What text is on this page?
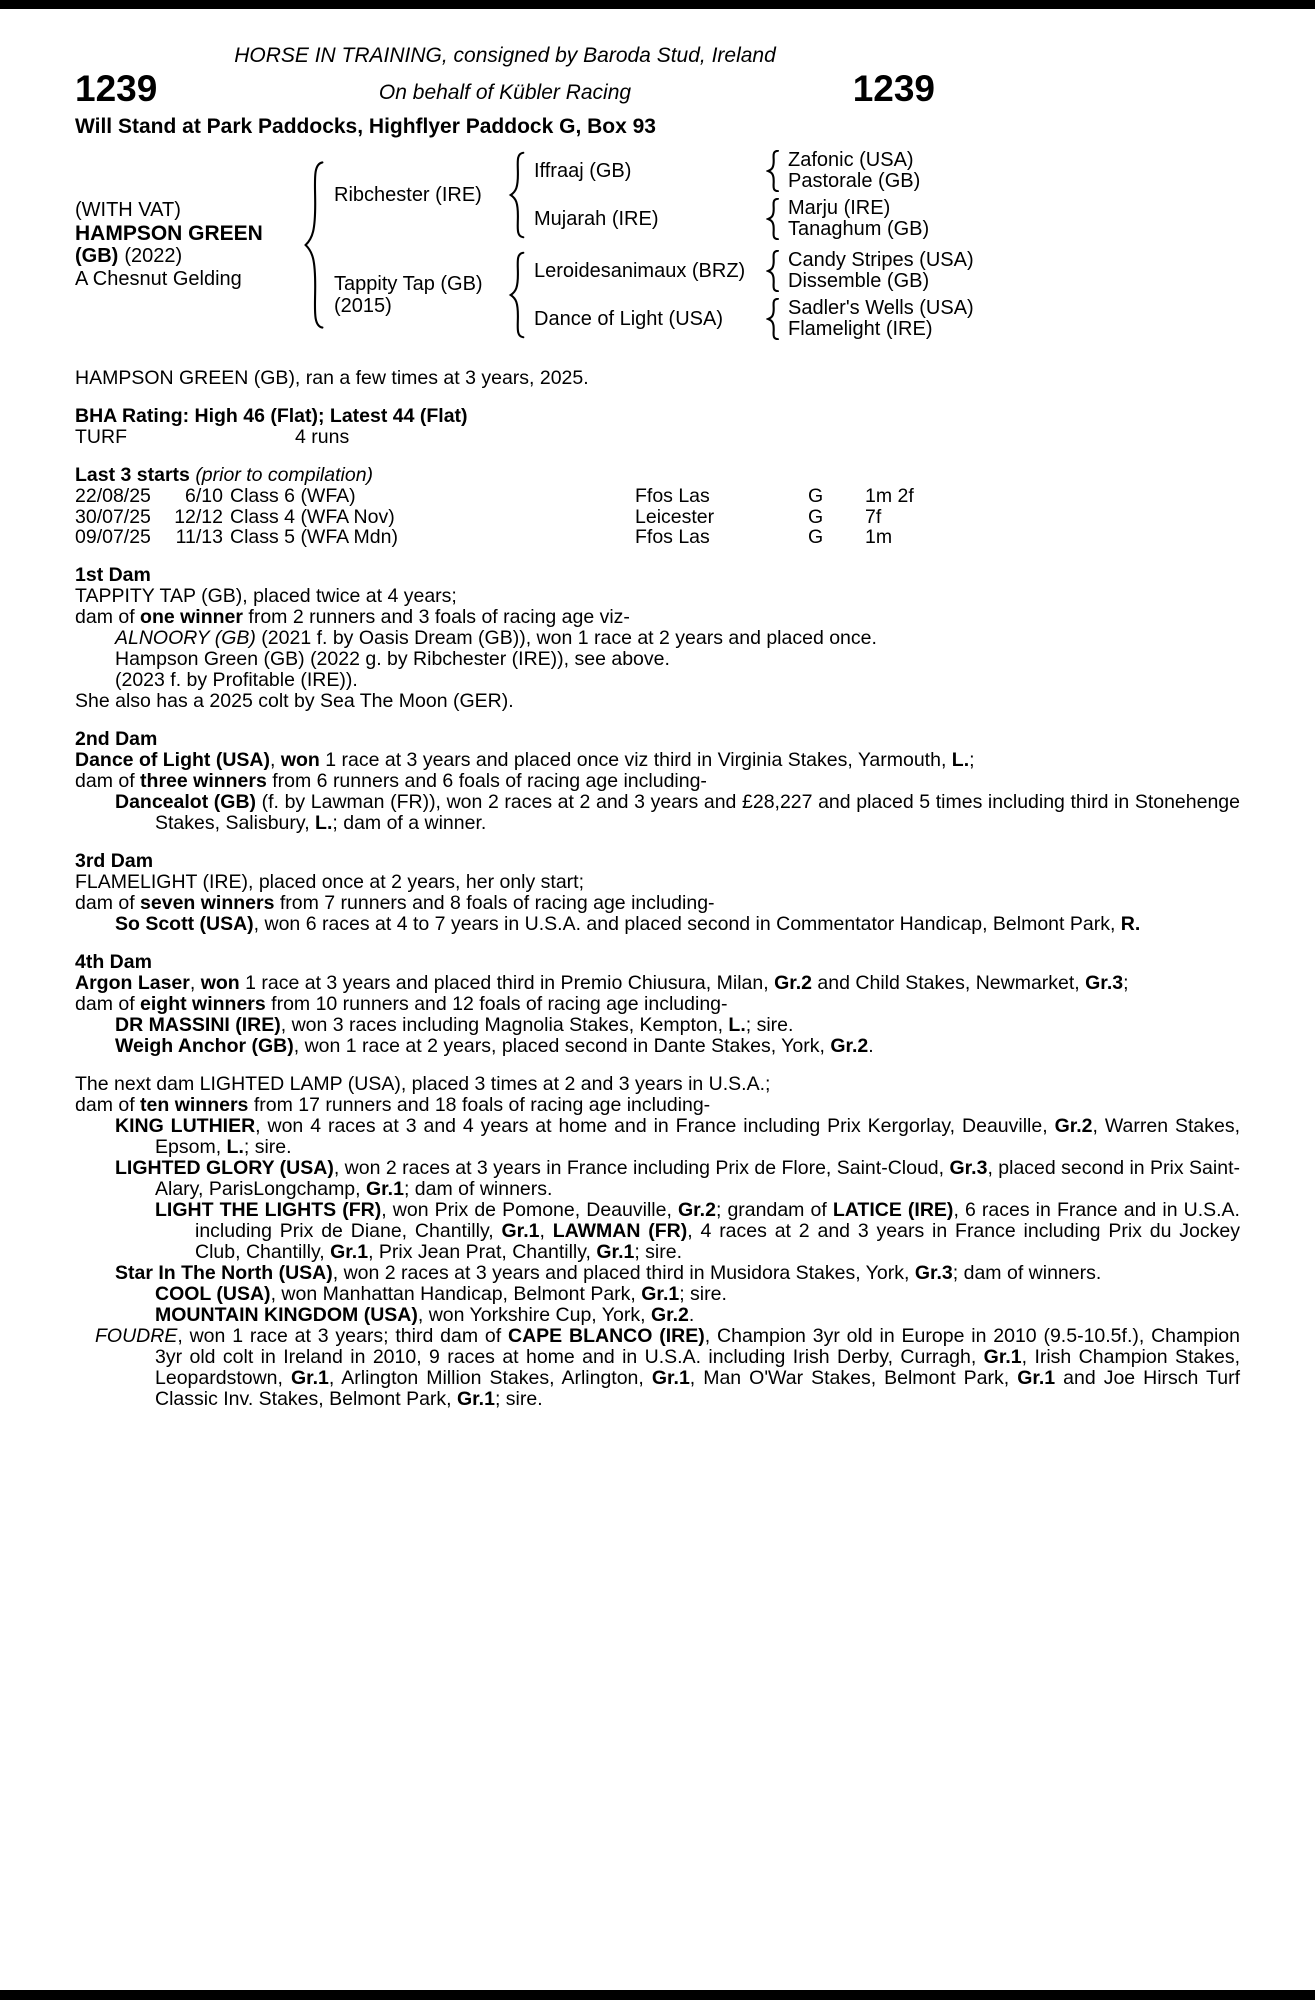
HORSE IN TRAINING, consigned by Baroda Stud, Ireland
1239	On behalf of Kübler Racing	1239
Will Stand at Park Paddocks, Highflyer Paddock G, Box 93
(WITH VAT)
HAMPSON GREEN
(GB) (2022)
A Chesnut Gelding
Ribchester (IRE)
Iffraaj (GB)	Zafonic (USA)
Pastorale (GB)
Mujarah (IRE)	Marju (IRE)
Tanaghum (GB)
Tappity Tap (GB)
(2015)
Leroidesanimaux (BRZ)	Candy Stripes (USA)
Dissemble (GB)
Dance of Light (USA)	Sadler's Wells (USA)
Flamelight (IRE)

HAMPSON GREEN (GB), ran a few times at 3 years, 2025.

BHA Rating: High 46 (Flat); Latest 44 (Flat)
TURF	4 runs
Last 3 starts (prior to compilation)
22/08/25	6/10 Class 6 (WFA)	Ffos Las	G	1m 2f
30/07/25	12/12 Class 4 (WFA Nov)	Leicester	G	7f
09/07/25	11/13 Class 5 (WFA Mdn)	Ffos Las	G	1m
1st Dam

TAPPITY TAP (GB), placed twice at 4 years;

dam of one winner from 2 runners and 3 foals of racing age viz-

ALNOORY (GB) (2021 f. by Oasis Dream (GB)), won 1 race at 2 years and placed once.

Hampson Green (GB) (2022 g. by Ribchester (IRE)), see above.

(2023 f. by Profitable (IRE)).

She also has a 2025 colt by Sea The Moon (GER).

2nd Dam

Dance of Light (USA), won 1 race at 3 years and placed once viz third in Virginia Stakes, Yarmouth, L.;

dam of three winners from 6 runners and 6 foals of racing age including-

Dancealot (GB) (f. by Lawman (FR)), won 2 races at 2 and 3 years and £28,227 and placed 5 times including third in Stonehenge Stakes, Salisbury, L.; dam of a winner.

3rd Dam

FLAMELIGHT (IRE), placed once at 2 years, her only start;

dam of seven winners from 7 runners and 8 foals of racing age including-

So Scott (USA), won 6 races at 4 to 7 years in U.S.A. and placed second in Commentator Handicap, Belmont Park, R.

4th Dam

Argon Laser, won 1 race at 3 years and placed third in Premio Chiusura, Milan, Gr.2 and Child Stakes, Newmarket, Gr.3;

dam of eight winners from 10 runners and 12 foals of racing age including-

DR MASSINI (IRE), won 3 races including Magnolia Stakes, Kempton, L.; sire.

Weigh Anchor (GB), won 1 race at 2 years, placed second in Dante Stakes, York, Gr.2.

The next dam LIGHTED LAMP (USA), placed 3 times at 2 and 3 years in U.S.A.;

dam of ten winners from 17 runners and 18 foals of racing age including-

KING LUTHIER, won 4 races at 3 and 4 years at home and in France including Prix Kergorlay, Deauville, Gr.2, Warren Stakes, Epsom, L.; sire.

LIGHTED GLORY (USA), won 2 races at 3 years in France including Prix de Flore, Saint-Cloud, Gr.3, placed second in Prix Saint-Alary, ParisLongchamp, Gr.1; dam of winners.

LIGHT THE LIGHTS (FR), won Prix de Pomone, Deauville, Gr.2; grandam of LATICE (IRE), 6 races in France and in U.S.A. including Prix de Diane, Chantilly, Gr.1, LAWMAN (FR), 4 races at 2 and 3 years in France including Prix du Jockey Club, Chantilly, Gr.1, Prix Jean Prat, Chantilly, Gr.1; sire.

Star In The North (USA), won 2 races at 3 years and placed third in Musidora Stakes, York, Gr.3; dam of winners.

COOL (USA), won Manhattan Handicap, Belmont Park, Gr.1; sire.

MOUNTAIN KINGDOM (USA), won Yorkshire Cup, York, Gr.2.

FOUDRE, won 1 race at 3 years; third dam of CAPE BLANCO (IRE), Champion 3yr old in Europe in 2010 (9.5-10.5f.), Champion 3yr old colt in Ireland in 2010, 9 races at home and in U.S.A. including Irish Derby, Curragh, Gr.1, Irish Champion Stakes, Leopardstown, Gr.1, Arlington Million Stakes, Arlington, Gr.1, Man O'War Stakes, Belmont Park, Gr.1 and Joe Hirsch Turf Classic Inv. Stakes, Belmont Park, Gr.1; sire.
